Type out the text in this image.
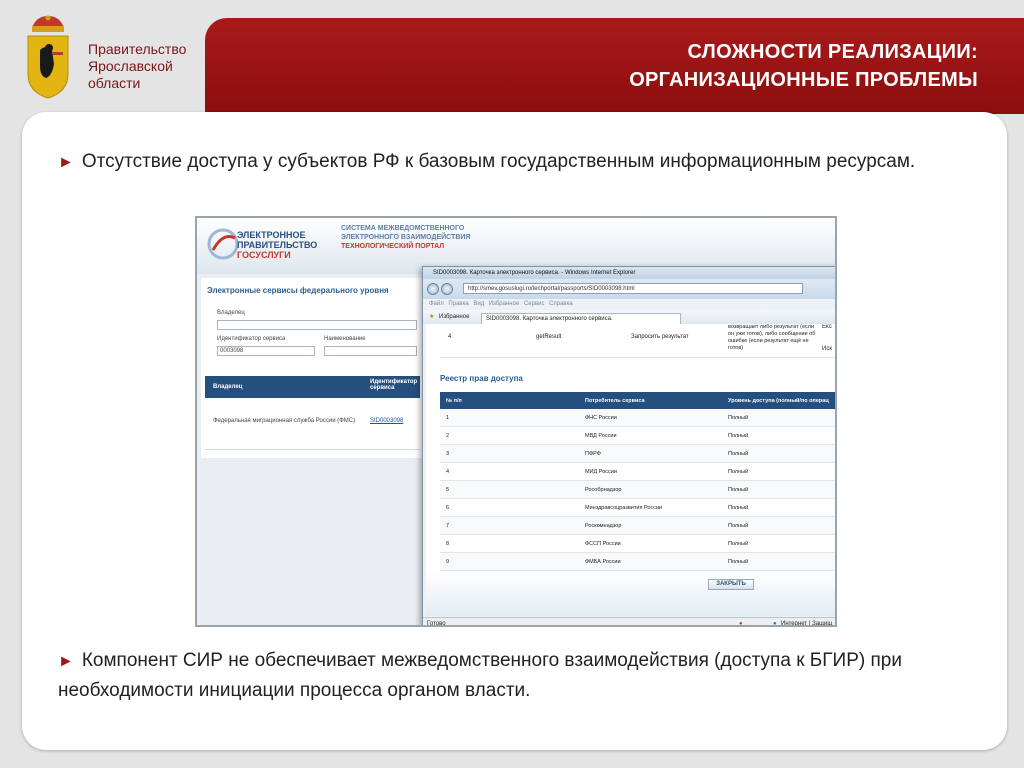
Правительство
Ярославской
области
СЛОЖНОСТИ РЕАЛИЗАЦИИ:
ОРГАНИЗАЦИОННЫЕ ПРОБЛЕМЫ
► Отсутствие доступа у субъектов РФ к базовым государственным информационным ресурсам.
ЭЛЕКТРОННОЕ
ПРАВИТЕЛЬСТВО
ГОСУСЛУГИ
СИСТЕМА МЕЖВЕДОМСТВЕННОГО
ЭЛЕКТРОННОГО ВЗАИМОДЕЙСТВИЯ
ТЕХНОЛОГИЧЕСКИЙ ПОРТАЛ
Электронные сервисы федерального уровня
Владелец
Идентификатор сервиса	Наименование
0003098
Владелец
Идентификатор сервиса
Федеральная миграционная служба России (ФМС) SID0003098
SID0003098. Карточка электронного сервиса. - Windows Internet Explorer
http://smev.gosuslugi.ru/techportal/passports/SID0003098.html
Файл Правка Вид Избранное Сервис Справка
★ Избранное	SID0003098. Карточка электронного сервиса.
4	getResult	Запросить результат
возвращает либо результат (если он уже готов), либо сообщение об ошибке (если результат ещё не готов)
Екс
Иск
Реестр прав доступа
№ п/п	Потребитель сервиса	Уровень доступа (полный/по операц
1	ФНС России	Полный
2	МВД России	Полный
3	ПФРФ	Полный
4	МИД России	Полный
5	Рособрнадзор	Полный
6	Минздравсоцразвития России	Полный
7	Роскомнадзор	Полный
8	ФССП России	Полный
9	ФМБА России	Полный
ЗАКРЫТЬ
Готово	●	● Интернет | Защищ
► Компонент СИР не обеспечивает межведомственного взаимодействия (доступа к БГИР) при необходимости инициации процесса органом власти.
